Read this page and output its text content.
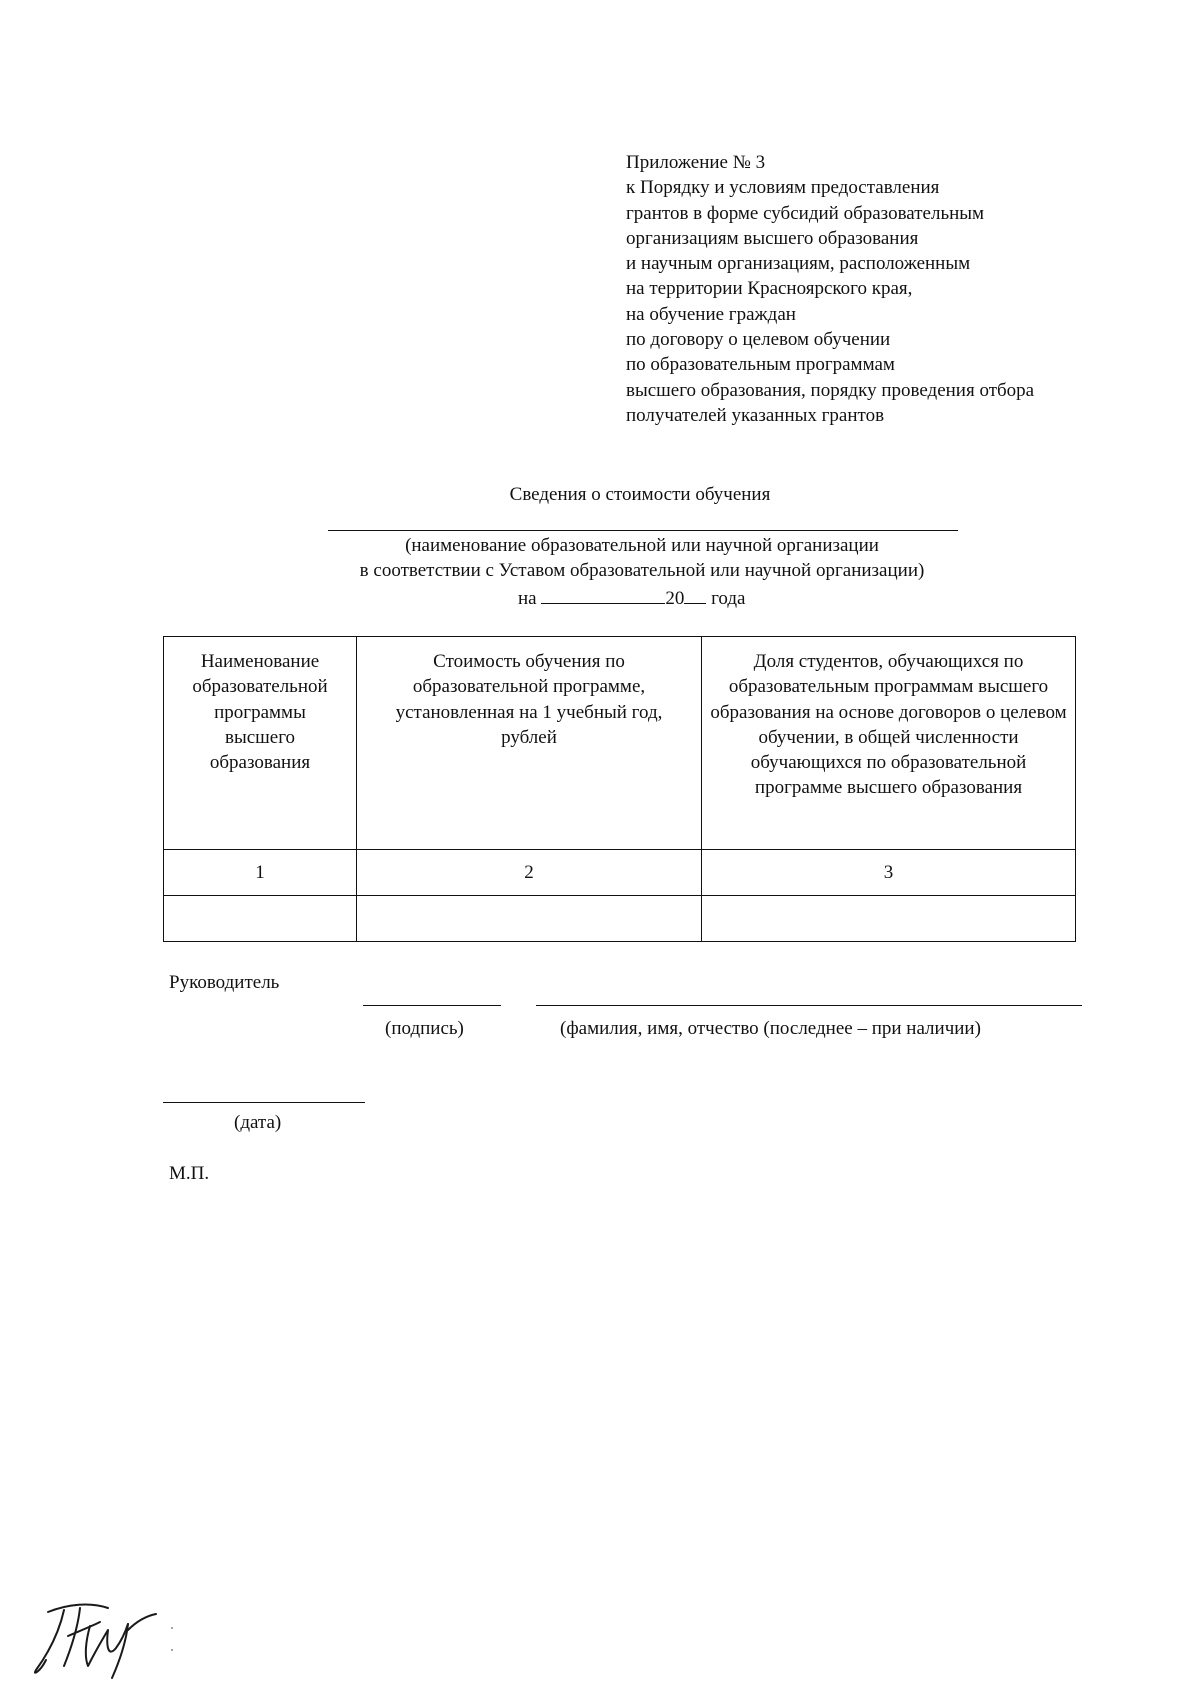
Приложение № 3
к Порядку и условиям предоставления
грантов в форме субсидий образовательным
организациям высшего образования
и научным организациям, расположенным
на территории Красноярского края,
на обучение граждан
по договору о целевом обучении
по образовательным программам
высшего образования, порядку проведения отбора
получателей указанных грантов
Сведения о стоимости обучения
(наименование образовательной или научной организации
в соответствии с Уставом образовательной или научной организации)
на	20 года
Наименование образовательной программы высшего образования	Стоимость обучения по образовательной программе, установленная на 1 учебный год, рублей	Доля студентов, обучающихся по образовательным программам высшего образования на основе договоров о целевом обучении, в общей численности обучающихся по образовательной программе высшего образования

1	2	3

Руководитель
(подпись)	(фамилия, имя, отчество (последнее – при наличии)
(дата)
М.П.
